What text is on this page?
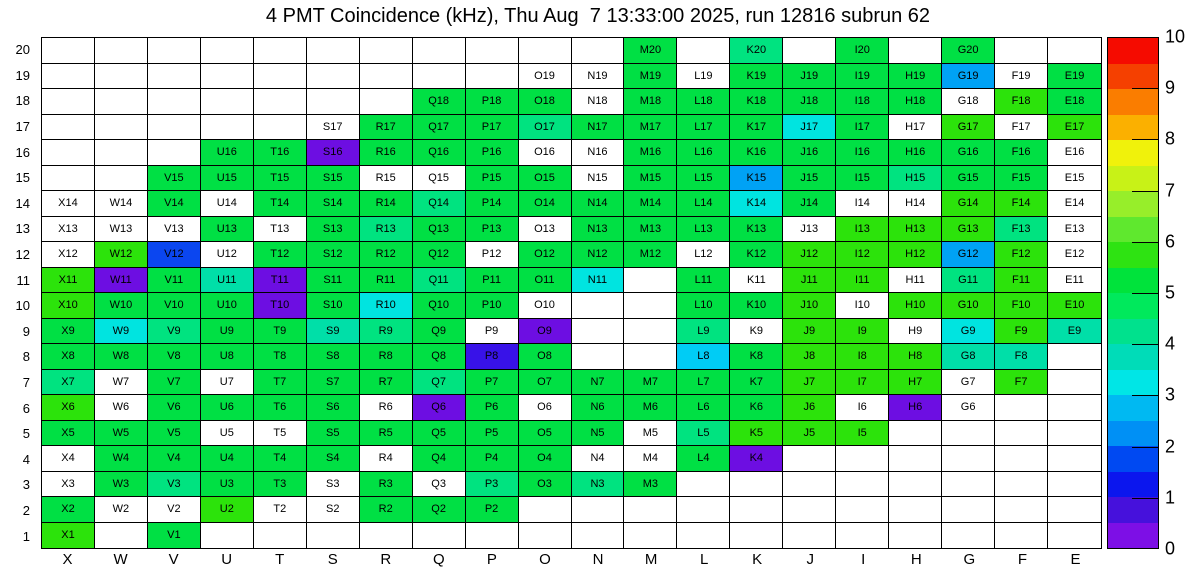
4 PMT Coincidence (kHz), Thu Aug  7 13:33:00 2025, run 12816 subrun 62
20
19
18
17
16
15
14
13
12
11
10
9
8
7
6
5
4
3
2
1
M20	K20	I20	G20
O19	N19	M19	L19	K19	J19	I19	H19	G19	F19	E19
Q18	P18	O18	N18	M18	L18	K18	J18	I18	H18	G18	F18	E18
S17	R17	Q17	P17	O17	N17	M17	L17	K17	J17	I17	H17	G17	F17	E17
U16	T16	S16	R16	Q16	P16	O16	N16	M16	L16	K16	J16	I16	H16	G16	F16	E16
V15	U15	T15	S15	R15	Q15	P15	O15	N15	M15	L15	K15	J15	I15	H15	G15	F15	E15
X14	W14	V14	U14	T14	S14	R14	Q14	P14	O14	N14	M14	L14	K14	J14	I14	H14	G14	F14	E14
X13	W13	V13	U13	T13	S13	R13	Q13	P13	O13	N13	M13	L13	K13	J13	I13	H13	G13	F13	E13
X12	W12	V12	U12	T12	S12	R12	Q12	P12	O12	N12	M12	L12	K12	J12	I12	H12	G12	F12	E12
X11	W11	V11	U11	T11	S11	R11	Q11	P11	O11	N11	L11	K11	J11	I11	H11	G11	F11	E11
X10	W10	V10	U10	T10	S10	R10	Q10	P10	O10	L10	K10	J10	I10	H10	G10	F10	E10
X9	W9	V9	U9	T9	S9	R9	Q9	P9	O9	L9	K9	J9	I9	H9	G9	F9	E9
X8	W8	V8	U8	T8	S8	R8	Q8	P8	O8	L8	K8	J8	I8	H8	G8	F8
X7	W7	V7	U7	T7	S7	R7	Q7	P7	O7	N7	M7	L7	K7	J7	I7	H7	G7	F7
X6	W6	V6	U6	T6	S6	R6	Q6	P6	O6	N6	M6	L6	K6	J6	I6	H6	G6
X5	W5	V5	U5	T5	S5	R5	Q5	P5	O5	N5	M5	L5	K5	J5	I5
X4	W4	V4	U4	T4	S4	R4	Q4	P4	O4	N4	M4	L4	K4
X3	W3	V3	U3	T3	S3	R3	Q3	P3	O3	N3	M3
X2	W2	V2	U2	T2	S2	R2	Q2	P2
X1	V1
X	W	V	U	T	S	R	Q	P	O	N	M	L	K	J	I	H	G	F	E
0
1
2
3
4
5
6
7
8
9
10
